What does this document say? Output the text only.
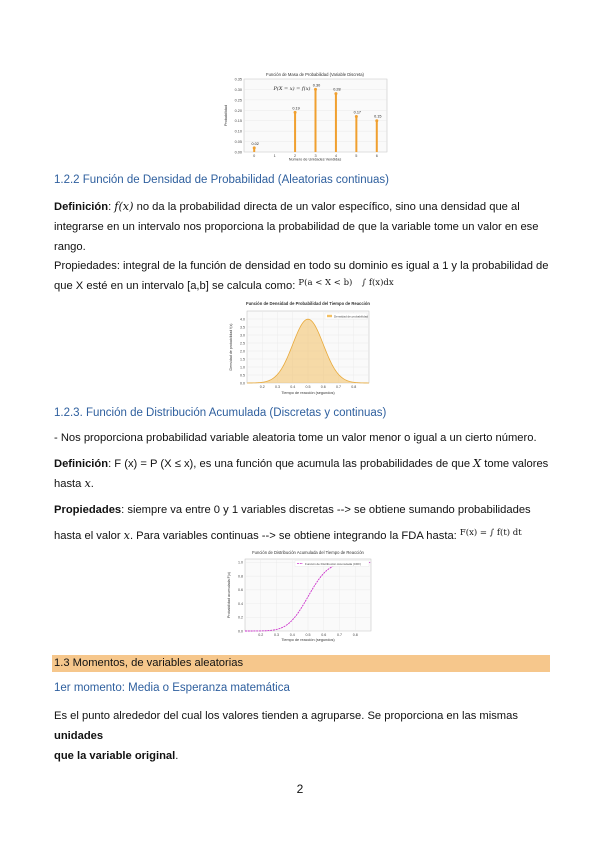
Función de Masa de Probabilidad (Variable Discreta)
0.00
0.05
0.10
0.15
0.20
0.25
0.30
0.35
0.02
0	1
0.19
2
0.30
3
0.28
4
0.17
5
0.15
6
P(X = x) = f(x)
Número de Unidades Vendidas
Probabilidad
1.2.2 Función de Densidad de Probabilidad (Aleatorias continuas)
Definición: f(x) no da la probabilidad directa de un valor específico, sino una densidad que al
integrarse en un intervalo nos proporciona la probabilidad de que la variable tome un valor en ese
rango.
Propiedades: integral de la función de densidad en todo su dominio es igual a 1 y la probabilidad de
que X esté en un intervalo [a,b] se calcula como: $^{P(a < X < b)}$ $^{\int f(x)dx}$
Función de Densidad de Probabilidad del Tiempo de Reacción
0.0
0.5
1.0
1.5
2.0
2.5
3.0
3.5
4.0
0.2	0.3	0.4	0.5	0.6	0.7	0.8
Densidad de probabilidad
Tiempo de reacción (segundos)
Densidad de probabilidad f(x)
1.2.3. Función de Distribución Acumulada (Discretas y continuas)
- Nos proporciona probabilidad variable aleatoria tome un valor menor o igual a un cierto número.
Definición: F (x) = P (X ≤ x), es una función que acumula las probabilidades de que X tome valores
hasta x.
Propiedades: siempre va entre 0 y 1 variables discretas --> se obtiene sumando probabilidades
hasta el valor x. Para variables continuas --> se obtiene integrando la FDA hasta: $^{F(x) = \int f(t) dt}$
Función de Distribución Acumulada del Tiempo de Reacción
0.0
0.2
0.4
0.6
0.8
1.0
0.2	0.3	0.4	0.5	0.6	0.7	0.8
Función de Distribución Acumulada (CDF)
Tiempo de reacción (segundos)
Probabilidad acumulada F(x)
1.3 Momentos, de variables aleatorias
1er momento: Media o Esperanza matemática
Es el punto alrededor del cual los valores tienden a agruparse. Se proporciona en las mismas unidades
que la variable original.
2
